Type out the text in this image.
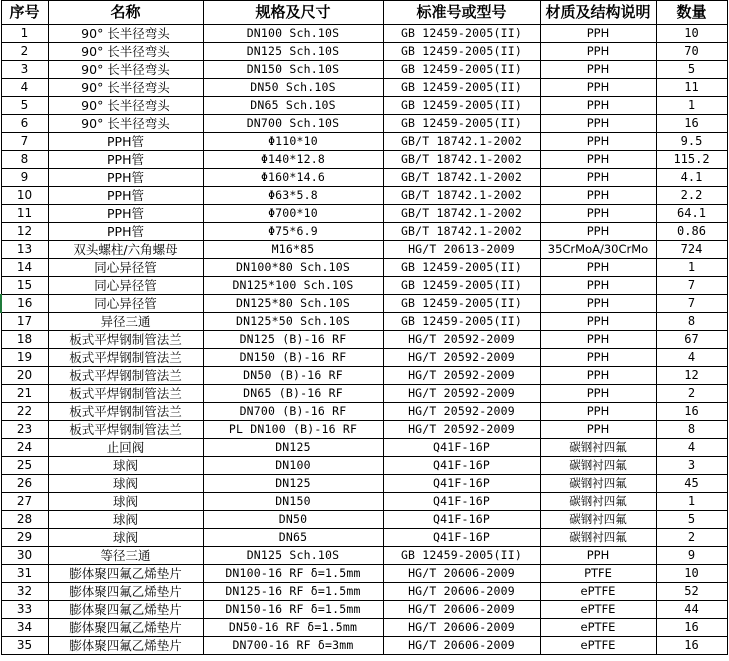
序号	名称	规格及尺寸	标准号或型号	材质及结构说明	数量
1	90° 长半径弯头	DN100 Sch.10S	GB 12459-2005(II)	PPH	10
2	90° 长半径弯头	DN125 Sch.10S	GB 12459-2005(II)	PPH	70
3	90° 长半径弯头	DN150 Sch.10S	GB 12459-2005(II)	PPH	5
4	90° 长半径弯头	DN50 Sch.10S	GB 12459-2005(II)	PPH	11
5	90° 长半径弯头	DN65 Sch.10S	GB 12459-2005(II)	PPH	1
6	90° 长半径弯头	DN700 Sch.10S	GB 12459-2005(II)	PPH	16
7	PPH管	Φ110*10	GB/T 18742.1-2002	PPH	9.5
8	PPH管	Φ140*12.8	GB/T 18742.1-2002	PPH	115.2
9	PPH管	Φ160*14.6	GB/T 18742.1-2002	PPH	4.1
10	PPH管	Φ63*5.8	GB/T 18742.1-2002	PPH	2.2
11	PPH管	Φ700*10	GB/T 18742.1-2002	PPH	64.1
12	PPH管	Φ75*6.9	GB/T 18742.1-2002	PPH	0.86
13	双头螺柱/六角螺母	M16*85	HG/T 20613-2009	35CrMoA/30CrMo	724
14	同心异径管	DN100*80 Sch.10S	GB 12459-2005(II)	PPH	1
15	同心异径管	DN125*100 Sch.10S	GB 12459-2005(II)	PPH	7
16	同心异径管	DN125*80 Sch.10S	GB 12459-2005(II)	PPH	7
17	异径三通	DN125*50 Sch.10S	GB 12459-2005(II)	PPH	8
18	板式平焊钢制管法兰	DN125 (B)-16 RF	HG/T 20592-2009	PPH	67
19	板式平焊钢制管法兰	DN150 (B)-16 RF	HG/T 20592-2009	PPH	4
20	板式平焊钢制管法兰	DN50 (B)-16 RF	HG/T 20592-2009	PPH	12
21	板式平焊钢制管法兰	DN65 (B)-16 RF	HG/T 20592-2009	PPH	2
22	板式平焊钢制管法兰	DN700 (B)-16 RF	HG/T 20592-2009	PPH	16
23	板式平焊钢制管法兰	PL DN100 (B)-16 RF	HG/T 20592-2009	PPH	8
24	止回阀	DN125	Q41F-16P	碳钢衬四氟	4
25	球阀	DN100	Q41F-16P	碳钢衬四氟	3
26	球阀	DN125	Q41F-16P	碳钢衬四氟	45
27	球阀	DN150	Q41F-16P	碳钢衬四氟	1
28	球阀	DN50	Q41F-16P	碳钢衬四氟	5
29	球阀	DN65	Q41F-16P	碳钢衬四氟	2
30	等径三通	DN125 Sch.10S	GB 12459-2005(II)	PPH	9
31	膨体聚四氟乙烯垫片	DN100-16 RF δ=1.5mm	HG/T 20606-2009	PTFE	10
32	膨体聚四氟乙烯垫片	DN125-16 RF δ=1.5mm	HG/T 20606-2009	ePTFE	52
33	膨体聚四氟乙烯垫片	DN150-16 RF δ=1.5mm	HG/T 20606-2009	ePTFE	44
34	膨体聚四氟乙烯垫片	DN50-16 RF δ=1.5mm	HG/T 20606-2009	ePTFE	16
35	膨体聚四氟乙烯垫片	DN700-16 RF δ=3mm	HG/T 20606-2009	ePTFE	16
